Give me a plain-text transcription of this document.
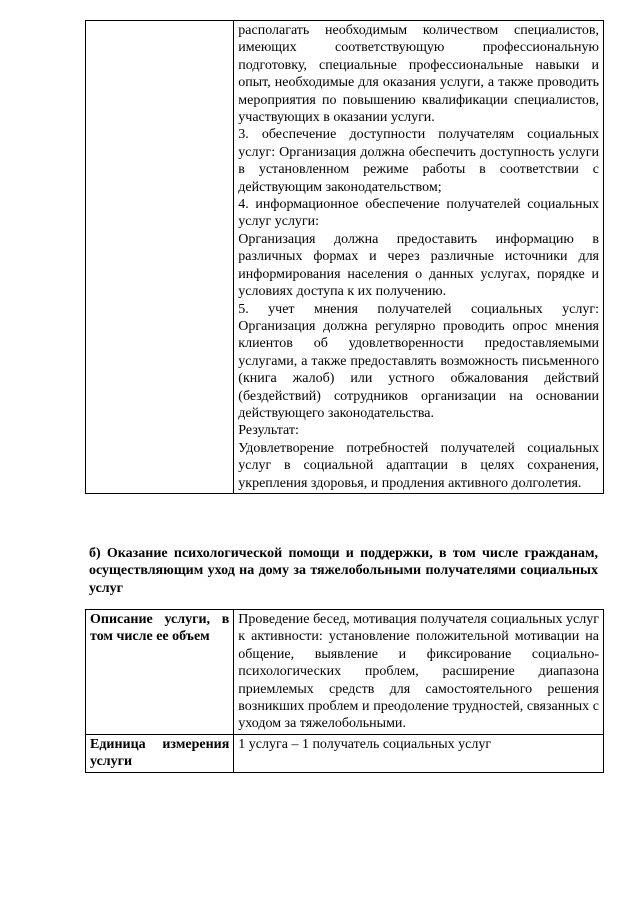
располагать необходимым количеством специалистов, имеющих соответствующую профессиональную подготовку, специальные профессиональные навыки и опыт, необходимые для оказания услуги, а также проводить мероприятия по повышению квалификации специалистов, участвующих в оказании услуги.

3. обеспечение доступности получателям социальных услуг: Организация должна обеспечить доступность услуги в установленном режиме работы в соответствии с действующим законодательством;

4. информационное обеспечение получателей социальных услуг услуги:

Организация должна предоставить информацию в различных формах и через различные источники для информирования населения о данных услугах, порядке и условиях доступа к их получению.

5. учет мнения получателей социальных услуг: Организация должна регулярно проводить опрос мнения клиентов об удовлетворенности предоставляемыми услугами, а также предоставлять возможность письменного (книга жалоб) или устного обжалования действий (бездействий) сотрудников организации на основании действующего законодательства.

Результат:

Удовлетворение потребностей получателей социальных услуг в социальной адаптации в целях сохранения, укрепления здоровья, и продления активного долголетия.

б) Оказание психологической помощи и поддержки, в том числе гражданам, осуществляющим уход на дому за тяжелобольными получателями социальных услуг

Описание услуги, в том числе ее объем	Проведение бесед, мотивация получателя социальных услуг к активности: установление положительной мотивации на общение, выявление и фиксирование социально-психологических проблем, расширение диапазона приемлемых средств для самостоятельного решения возникших проблем и преодоление трудностей, связанных с уходом за тяжелобольными.

Единица измерения услуги	1 услуга – 1 получатель социальных услуг
